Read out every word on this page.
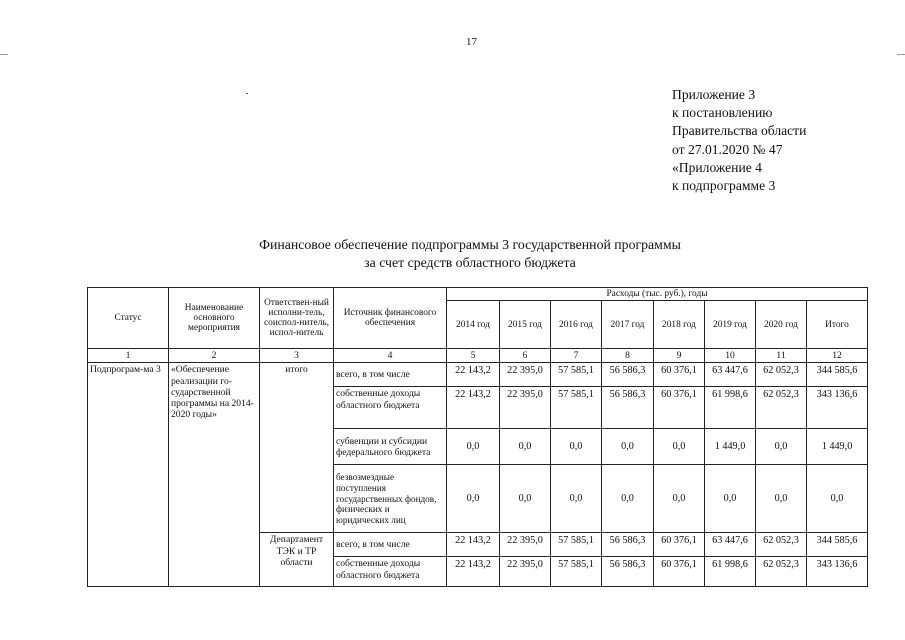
17
Приложение 3
к постановлению
Правительства области
от 27.01.2020 № 47
«Приложение 4
к подпрограмме 3
Финансовое обеспечение подпрограммы 3 государственной программы
за счет средств областного бюджета
Статус	Наименование основного мероприятия	Ответствен-ный исполни-тель, соиспол-нитель, испол-нитель	Источник финансового обеспечения	Расходы (тыс. руб.), годы							
				2014 год	2015 год	2016 год	2017 год	2018 год	2019 год	2020 год	Итого
1	2	3	4	5	6	7	8	9	10	11	12
Подпрограм-ма 3	«Обеспечение реализации го-сударственной программы на 2014-2020 годы»	итого	всего, в том числе	22 143,2	22 395,0	57 585,1	56 586,3	60 376,1	63 447,6	62 052,3	344 585,6
			собственные доходы областного бюджета	22 143,2	22 395,0	57 585,1	56 586,3	60 376,1	61 998,6	62 052,3	343 136,6
			субвенции и субсидии федерального бюджета	0,0	0,0	0,0	0,0	0,0	1 449,0	0,0	1 449,0
			безвозмездные поступления государственных фондов, физических и юридических лиц	0,0	0,0	0,0	0,0	0,0	0,0	0,0	0,0
		Департамент ТЭК и ТР области	всего, в том числе	22 143,2	22 395,0	57 585,1	56 586,3	60 376,1	63 447,6	62 052,3	344 585,6
			собственные доходы областного бюджета	22 143,2	22 395,0	57 585,1	56 586,3	60 376,1	61 998,6	62 052,3	343 136,6
